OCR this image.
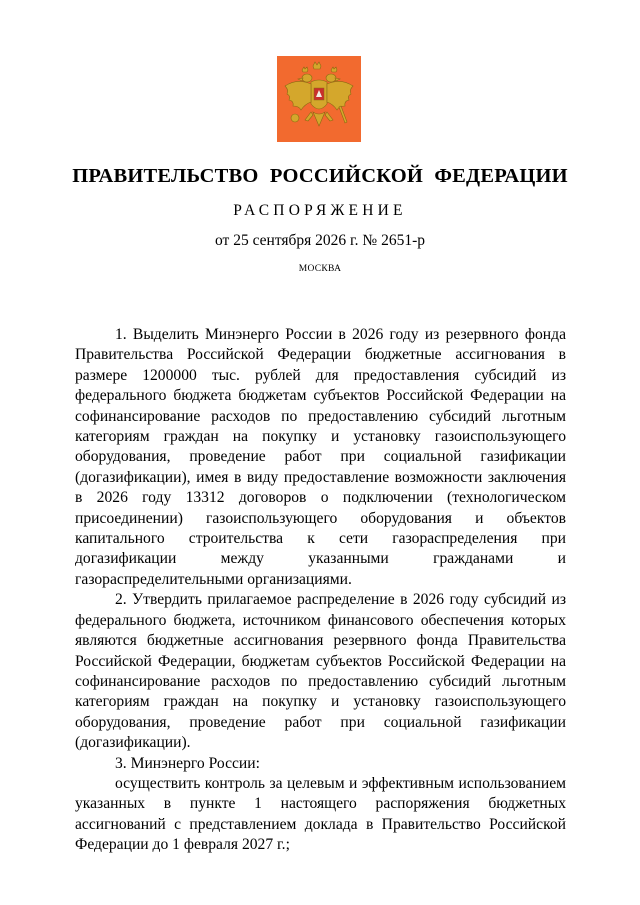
ПРАВИТЕЛЬСТВО РОССИЙСКОЙ ФЕДЕРАЦИИ
РАСПОРЯЖЕНИЕ
от 25 сентября 2026 г. № 2651-р
МОСКВА

1. Выделить Минэнерго России в 2026 году из резервного фонда Правительства Российской Федерации бюджетные ассигнования в размере 1200000 тыс. рублей для предоставления субсидий из федерального бюджета бюджетам субъектов Российской Федерации на софинансирование расходов по предоставлению субсидий льготным категориям граждан на покупку и установку газоиспользующего оборудования, проведение работ при социальной газификации (догазификации), имея в виду предоставление возможности заключения в 2026 году 13312 договоров о подключении (технологическом присоединении) газоиспользующего оборудования и объектов капитального строительства к сети газораспределения при догазификации между указанными гражданами и газораспределительными организациями.

2. Утвердить прилагаемое распределение в 2026 году субсидий из федерального бюджета, источником финансового обеспечения которых являются бюджетные ассигнования резервного фонда Правительства Российской Федерации, бюджетам субъектов Российской Федерации на софинансирование расходов по предоставлению субсидий льготным категориям граждан на покупку и установку газоиспользующего оборудования, проведение работ при социальной газификации (догазификации).

3. Минэнерго России:

осуществить контроль за целевым и эффективным использованием указанных в пункте 1 настоящего распоряжения бюджетных ассигнований с представлением доклада в Правительство Российской Федерации до 1 февраля 2027 г.;
